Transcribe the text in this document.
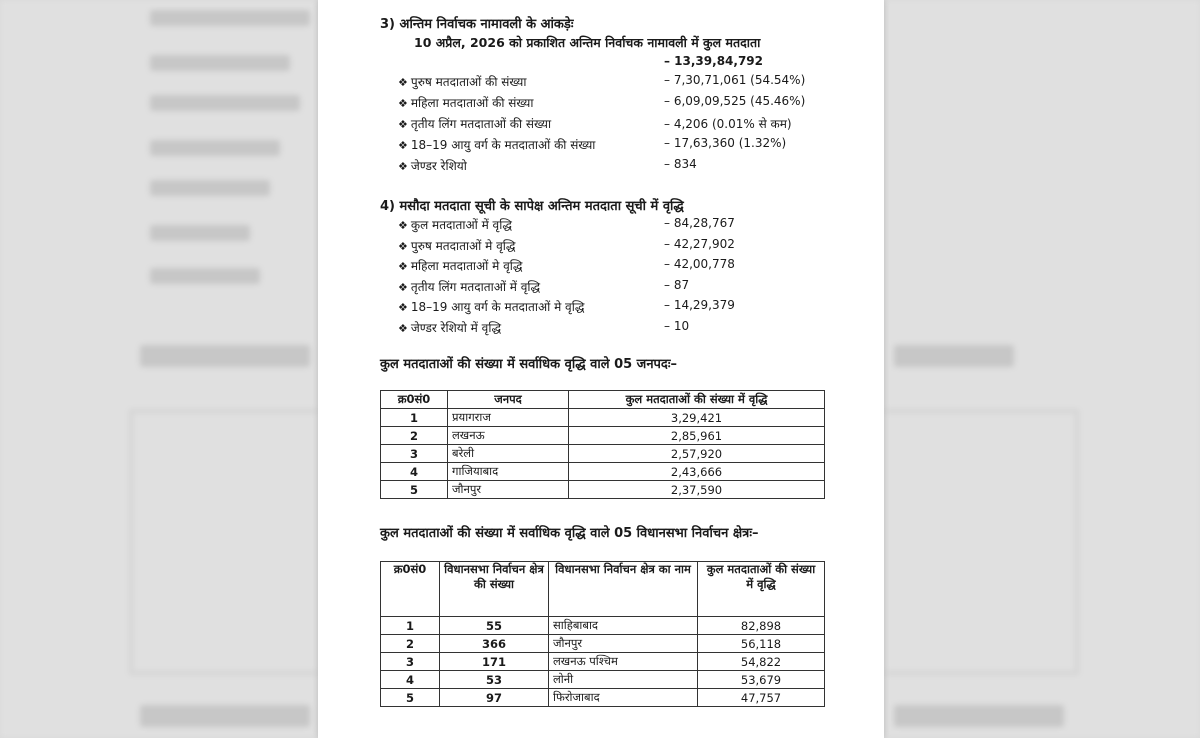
3) अन्तिम निर्वाचक नामावली के आंकड़ेः
10 अप्रैल, 2026 को प्रकाशित अन्तिम निर्वाचक नामावली में कुल मतदाता
– 13,39,84,792
❖ पुरुष मतदाताओं की संख्या	– 7,30,71,061 (54.54%)
❖ महिला मतदाताओं की संख्या	– 6,09,09,525 (45.46%)
❖ तृतीय लिंग मतदाताओं की संख्या	– 4,206 (0.01% से कम)
❖ 18–19 आयु वर्ग के मतदाताओं की संख्या	– 17,63,360 (1.32%)
❖ जेण्डर रेशियो	– 834
4) मसौदा मतदाता सूची के सापेक्ष अन्तिम मतदाता सूची में वृद्धि
❖ कुल मतदाताओं में वृद्धि	– 84,28,767
❖ पुरुष मतदाताओं मे वृद्धि	– 42,27,902
❖ महिला मतदाताओं मे वृद्धि	– 42,00,778
❖ तृतीय लिंग मतदाताओं में वृद्धि	– 87
❖ 18–19 आयु वर्ग के मतदाताओं मे वृद्धि	– 14,29,379
❖ जेण्डर रेशियो में वृद्धि	– 10
कुल मतदाताओं की संख्या में सर्वाधिक वृद्धि वाले 05 जनपदः–
क्र0सं0	जनपद	कुल मतदाताओं की संख्या में वृद्धि
1	प्रयागराज	3,29,421
2	लखनऊ	2,85,961
3	बरेली	2,57,920
4	गाजियाबाद	2,43,666
5	जौनपुर	2,37,590
कुल मतदाताओं की संख्या में सर्वाधिक वृद्धि वाले 05 विधानसभा निर्वाचन क्षेत्रः–
क्र0सं0	विधानसभा निर्वाचन क्षेत्र की संख्या	विधानसभा निर्वाचन क्षेत्र का नाम	कुल मतदाताओं की संख्या में वृद्धि
1	55	साहिबाबाद	82,898
2	366	जौनपुर	56,118
3	171	लखनऊ पश्चिम	54,822
4	53	लोनी	53,679
5	97	फिरोजाबाद	47,757
